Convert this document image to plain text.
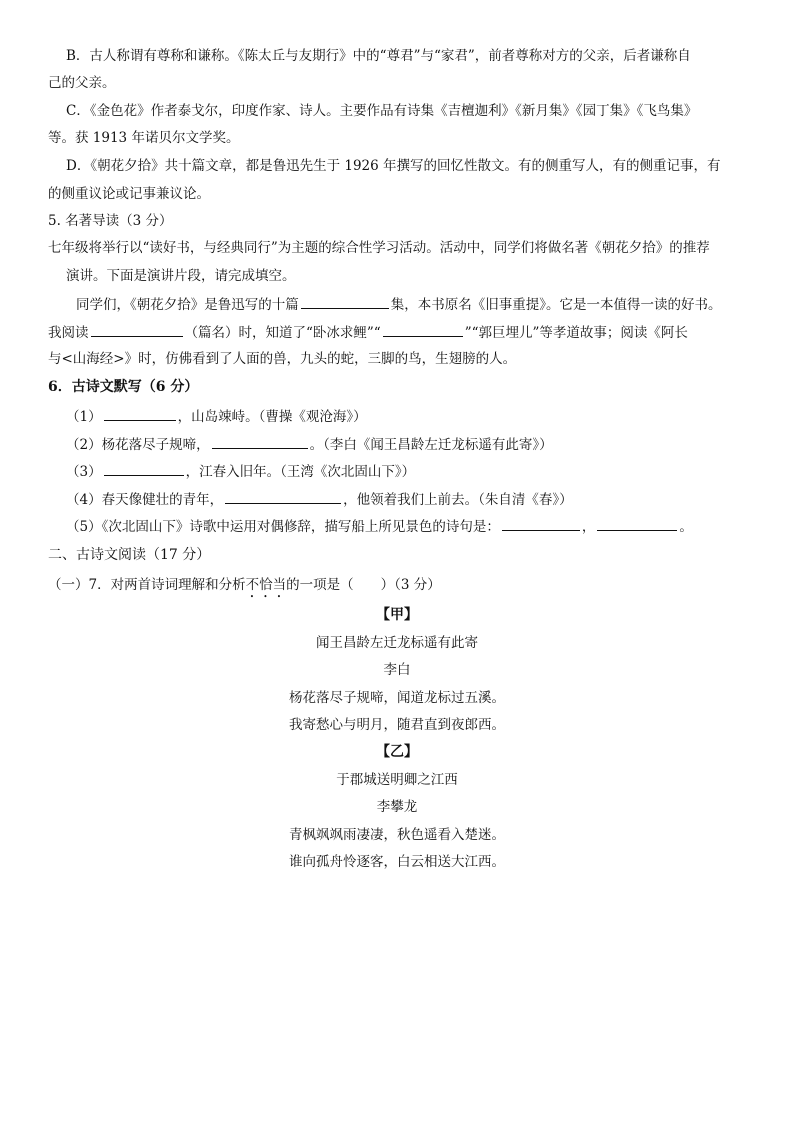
B．古人称谓有尊称和谦称。《陈太丘与友期行》中的“尊君”与“家君”，前者尊称对方的父亲，后者谦称自
己的父亲。
C．《金色花》作者泰戈尔，印度作家、诗人。主要作品有诗集《吉檀迦利》《新月集》《园丁集》《飞鸟集》
等。获 1913 年诺贝尔文学奖。
D．《朝花夕拾》共十篇文章，都是鲁迅先生于 1926 年撰写的回忆性散文。有的侧重写人，有的侧重记事，有
的侧重议论或记事兼议论。
5. 名著导读（3 分）
七年级将举行以“读好书，与经典同行”为主题的综合性学习活动。活动中，同学们将做名著《朝花夕拾》的推荐
演讲。下面是演讲片段，请完成填空。
同学们，《朝花夕拾》是鲁迅写的十篇	集，本书原名《旧事重提》。它是一本值得一读的好书。
我阅读	（篇名）时，知道了“卧冰求鲤”“	”“郭巨埋儿”等孝道故事；阅读《阿长
与<山海经>》时，仿佛看到了人面的兽，九头的蛇，三脚的鸟，生翅膀的人。
6．古诗文默写（6 分）
（1）	，山岛竦峙。（曹操《观沧海》）
（2）杨花落尽子规啼，	。（李白《闻王昌龄左迁龙标遥有此寄》）
（3）	，江春入旧年。（王湾《次北固山下》）
（4）春天像健壮的青年，	，他领着我们上前去。（朱自清《春》）
（5）《次北固山下》诗歌中运用对偶修辞，描写船上所见景色的诗句是：	，	。
二、古诗文阅读（17 分）
（一）7．对两首诗词理解和分析不恰当的一项是（　　）（3 分）
【甲】
闻王昌龄左迁龙标遥有此寄
李白
杨花落尽子规啼，闻道龙标过五溪。
我寄愁心与明月，随君直到夜郎西。
【乙】
于郡城送明卿之江西
李攀龙
青枫飒飒雨凄凄，秋色遥看入楚迷。
谁向孤舟怜逐客，白云相送大江西。
